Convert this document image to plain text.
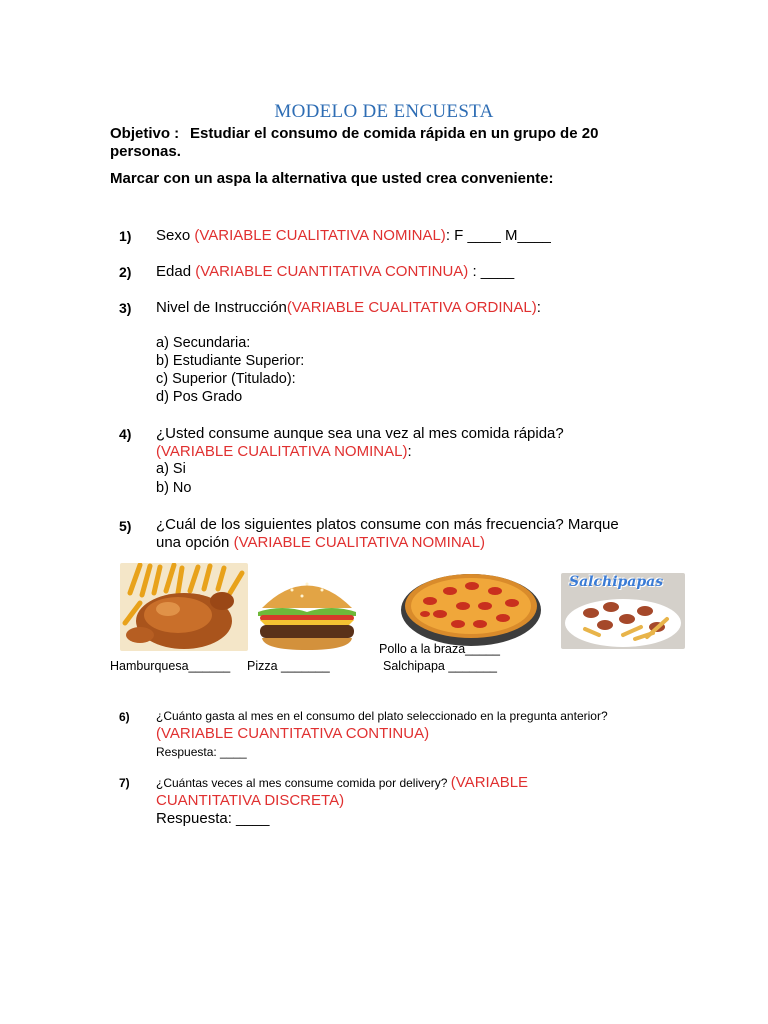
MODELO DE ENCUESTA
Objetivo : Estudiar el consumo de comida rápida en un grupo de 20
personas.
Marcar con un aspa la alternativa que usted crea conveniente:
1) Sexo (VARIABLE CUALITATIVA NOMINAL): F ____ M____
2) Edad (VARIABLE CUANTITATIVA CONTINUA) : ____
3) Nivel de Instrucción(VARIABLE CUALITATIVA ORDINAL):
a) Secundaria:
b) Estudiante Superior:
c) Superior (Titulado):
d) Pos Grado
4) ¿Usted consume aunque sea una vez al mes comida rápida?
(VARIABLE CUALITATIVA NOMINAL):
a) Si
b) No
5) ¿Cuál de los siguientes platos consume con más frecuencia? Marque
una opción (VARIABLE CUALITATIVA NOMINAL)
Salchipapas
Pollo a la braza_____
Hamburquesa______ Pizza _______	Salchipapa _______
6) ¿Cuánto gasta al mes en el consumo del plato seleccionado en la pregunta anterior?
(VARIABLE CUANTITATIVA CONTINUA)
Respuesta: ____
7) ¿Cuántas veces al mes consume comida por delivery? (VARIABLE
CUANTITATIVA DISCRETA)
Respuesta: ____
